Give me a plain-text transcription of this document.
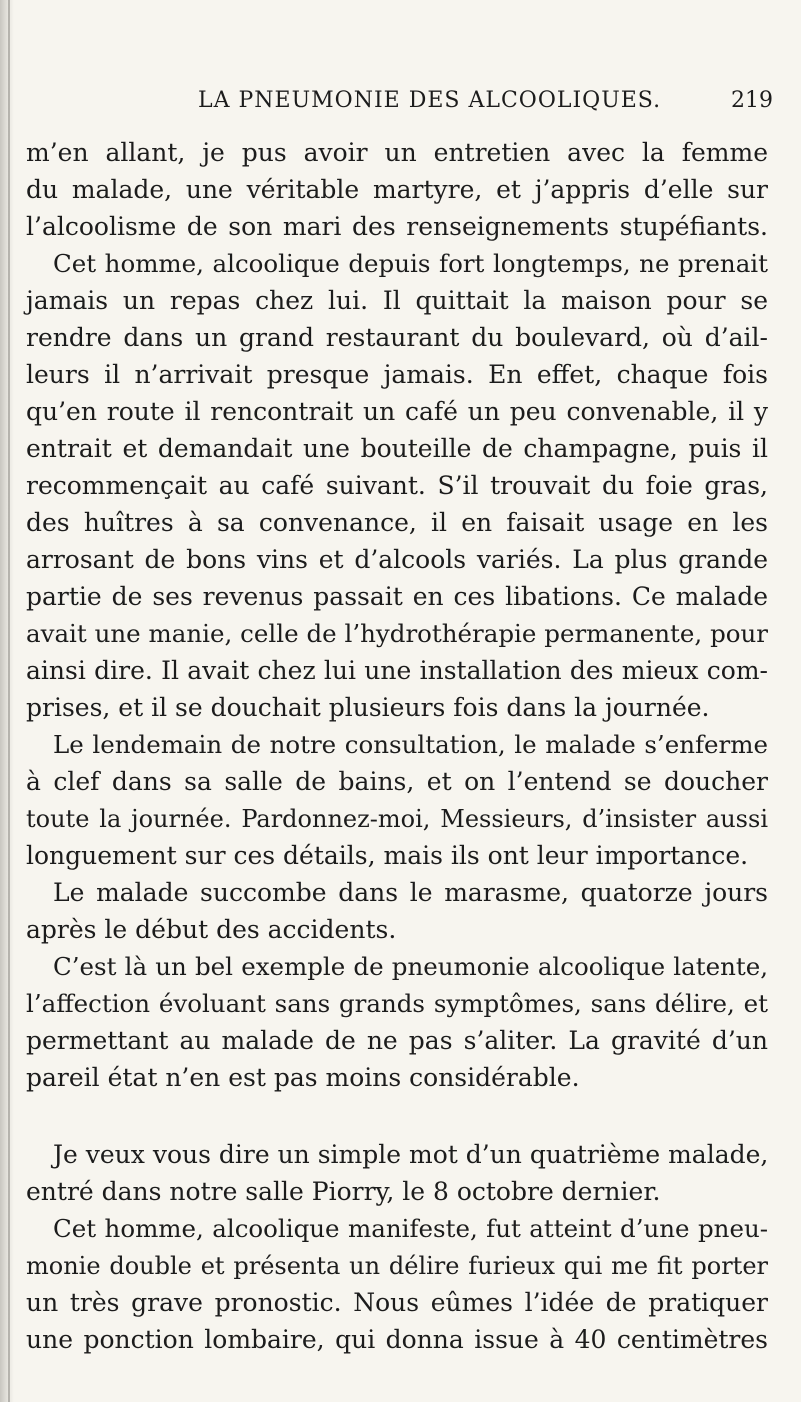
LA PNEUMONIE DES ALCOOLIQUES.	219
m’en allant, je pus avoir un entretien avec la femme
du malade, une véritable martyre, et j’appris d’elle sur
l’alcoolisme de son mari des renseignements stupéfiants.
Cet homme, alcoolique depuis fort longtemps, ne prenait
jamais un repas chez lui. Il quittait la maison pour se
rendre dans un grand restaurant du boulevard, où d’ail-
leurs il n’arrivait presque jamais. En effet, chaque fois
qu’en route il rencontrait un café un peu convenable, il y
entrait et demandait une bouteille de champagne, puis il
recommençait au café suivant. S’il trouvait du foie gras,
des huîtres à sa convenance, il en faisait usage en les
arrosant de bons vins et d’alcools variés. La plus grande
partie de ses revenus passait en ces libations. Ce malade
avait une manie, celle de l’hydrothérapie permanente, pour
ainsi dire. Il avait chez lui une installation des mieux com-
prises, et il se douchait plusieurs fois dans la journée.
Le lendemain de notre consultation, le malade s’enferme
à clef dans sa salle de bains, et on l’entend se doucher
toute la journée. Pardonnez-moi, Messieurs, d’insister aussi
longuement sur ces détails, mais ils ont leur importance.
Le malade succombe dans le marasme, quatorze jours
après le début des accidents.
C’est là un bel exemple de pneumonie alcoolique latente,
l’affection évoluant sans grands symptômes, sans délire, et
permettant au malade de ne pas s’aliter. La gravité d’un
pareil état n’en est pas moins considérable.
Je veux vous dire un simple mot d’un quatrième malade,
entré dans notre salle Piorry, le 8 octobre dernier.
Cet homme, alcoolique manifeste, fut atteint d’une pneu-
monie double et présenta un délire furieux qui me fit porter
un très grave pronostic. Nous eûmes l’idée de pratiquer
une ponction lombaire, qui donna issue à 40 centimètres
